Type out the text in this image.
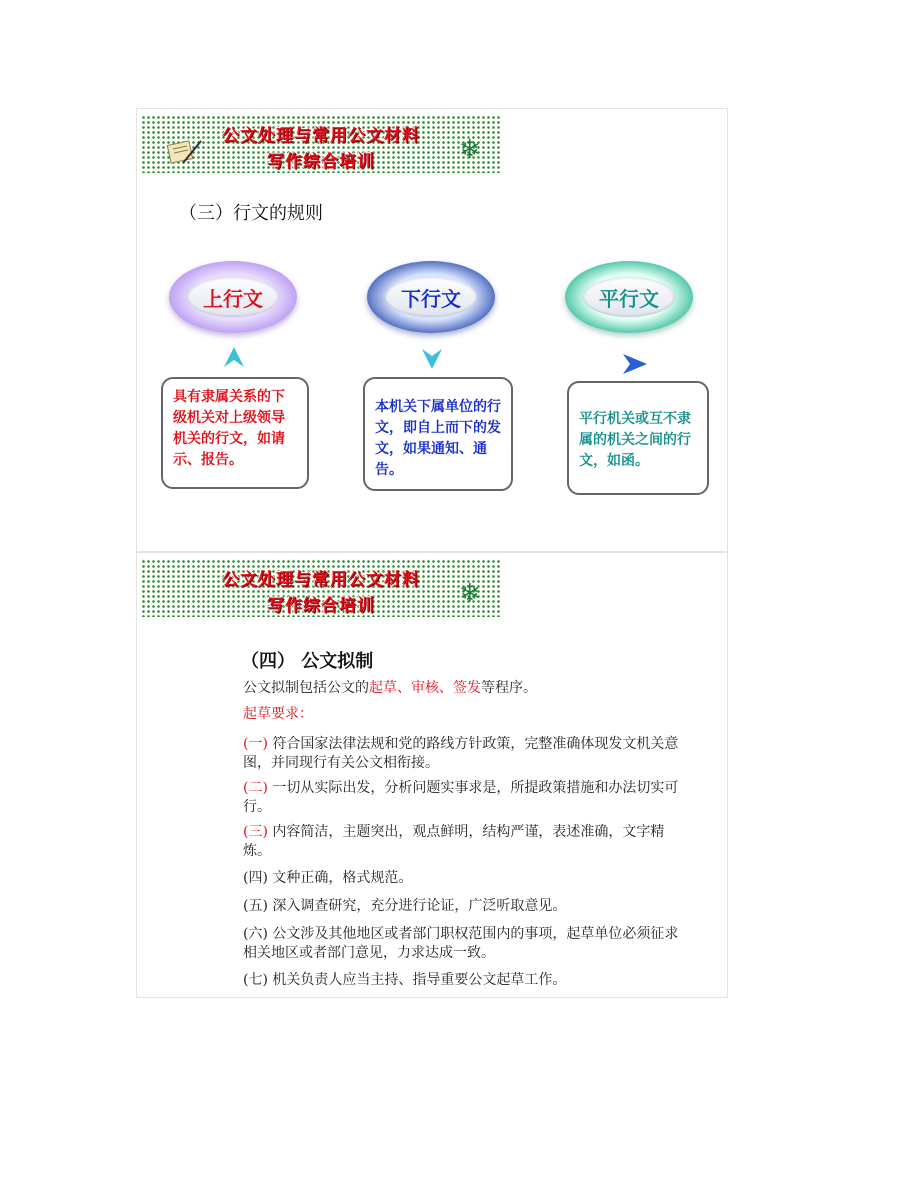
公文处理与常用公文材料
写作综合培训	❄
（三）行文的规则
上行文	下行文	平行文
具有隶属关系的下级机关对上级领导机关的行文，如请示、报告。
本机关下属单位的行文，即自上而下的发文，如果通知、通告。
平行机关或互不隶属的机关之间的行文，如函。
公文处理与常用公文材料
写作综合培训	❄
（四） 公文拟制
公文拟制包括公文的起草、审核、签发等程序。
起草要求：
(一) 符合国家法律法规和党的路线方针政策，完整准确体现发文机关意图，并同现行有关公文相衔接。
(二) 一切从实际出发，分析问题实事求是，所提政策措施和办法切实可行。
(三) 内容简洁，主题突出，观点鲜明，结构严谨，表述准确，文字精炼。
(四) 文种正确，格式规范。
(五) 深入调查研究，充分进行论证，广泛听取意见。
(六) 公文涉及其他地区或者部门职权范围内的事项，起草单位必须征求相关地区或者部门意见，力求达成一致。
(七) 机关负责人应当主持、指导重要公文起草工作。
